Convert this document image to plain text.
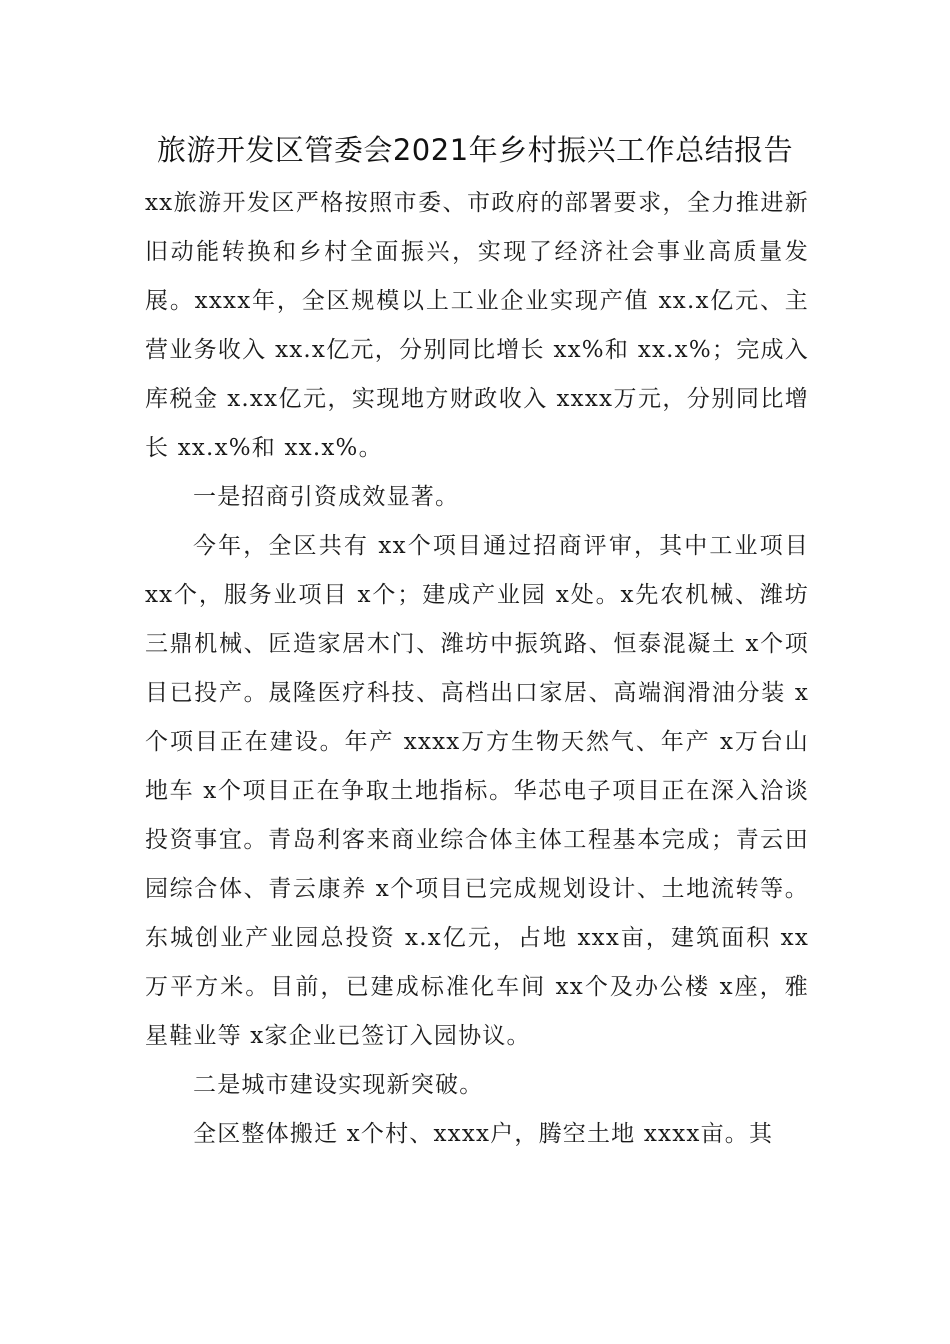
旅游开发区管委会2021年乡村振兴工作总结报告

xx旅游开发区严格按照市委、市政府的部署要求，全力推进新旧动能转换和乡村全面振兴，实现了经济社会事业高质量发展。xxxx年，全区规模以上工业企业实现产值 xx.x亿元、主营业务收入 xx.x亿元，分别同比增长 xx%和 xx.x%；完成入库税金 x.xx亿元，实现地方财政收入 xxxx万元，分别同比增长 xx.x%和 xx.x%。

一是招商引资成效显著。

今年，全区共有 xx个项目通过招商评审，其中工业项目 xx个，服务业项目 x个；建成产业园 x处。x先农机械、潍坊三鼎机械、匠造家居木门、潍坊中振筑路、恒泰混凝土 x个项目已投产。晟隆医疗科技、高档出口家居、高端润滑油分装 x个项目正在建设。年产 xxxx万方生物天然气、年产 x万台山地车 x个项目正在争取土地指标。华芯电子项目正在深入洽谈投资事宜。青岛利客来商业综合体主体工程基本完成；青云田园综合体、青云康养 x个项目已完成规划设计、土地流转等。东城创业产业园总投资 x.x亿元，占地 xxx亩，建筑面积 xx万平方米。目前，已建成标准化车间 xx个及办公楼 x座，雅星鞋业等 x家企业已签订入园协议。

二是城市建设实现新突破。

全区整体搬迁 x个村、xxxx户，腾空土地 xxxx亩。其
